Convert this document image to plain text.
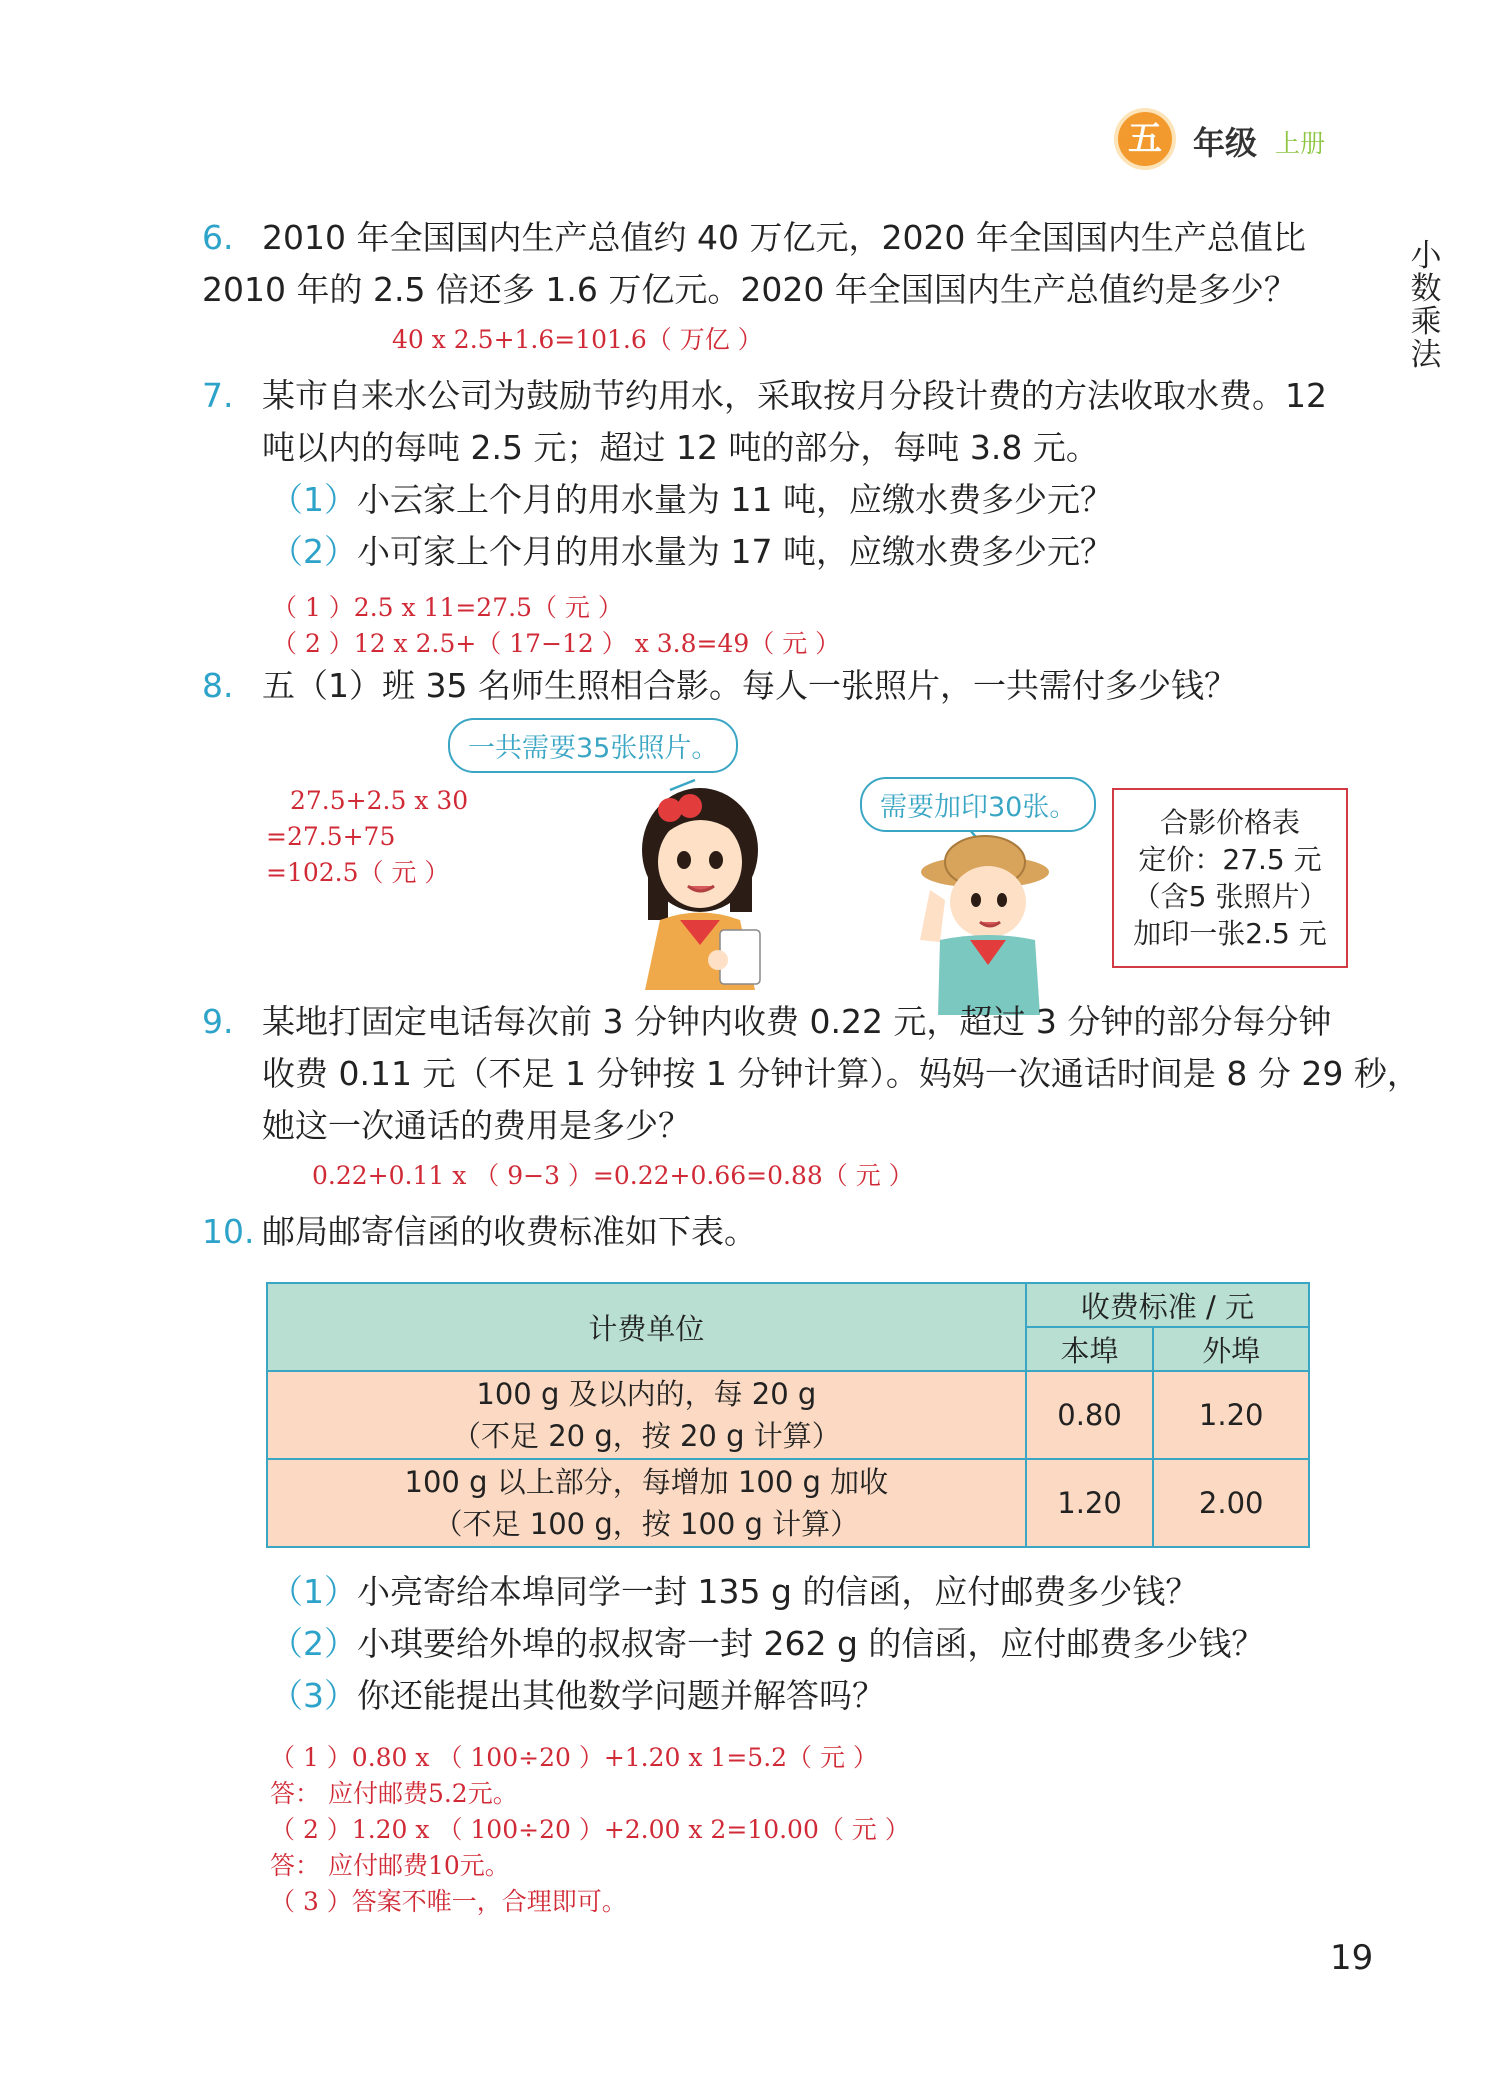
五 年级 上册
小
数
乘
法
6. 2010 年全国国内生产总值约 40 万亿元，2020 年全国国内生产总值比
2010 年的 2.5 倍还多 1.6 万亿元。2020 年全国国内生产总值约是多少？
40 x 2.5+1.6=101.6（ 万亿 ）
7. 某市自来水公司为鼓励节约用水，采取按月分段计费的方法收取水费。12
吨以内的每吨 2.5 元；超过 12 吨的部分，每吨 3.8 元。
（1）小云家上个月的用水量为 11 吨，应缴水费多少元？
（2）小可家上个月的用水量为 17 吨，应缴水费多少元？
（ 1 ）2.5 x 11=27.5（ 元 ）
（ 2 ）12 x 2.5+（ 17−12 ） x 3.8=49（ 元 ）
8. 五（1）班 35 名师生照相合影。每人一张照片，一共需付多少钱？
一共需要35张照片。
需要加印30张。	合影价格表
定价：27.5 元
（含5 张照片）
加印一张2.5 元
27.5+2.5 x 30
=27.5+75
=102.5（ 元 ）
9. 某地打固定电话每次前 3 分钟内收费 0.22 元，超过 3 分钟的部分每分钟
收费 0.11 元（不足 1 分钟按 1 分钟计算）。妈妈一次通话时间是 8 分 29 秒，
她这一次通话的费用是多少？
0.22+0.11 x （ 9−3 ）=0.22+0.66=0.88（ 元 ）
10. 邮局邮寄信函的收费标准如下表。
计费单位	收费标准 / 元	
	本埠	外埠

100 g 及以内的，每 20 g
（不足 20 g，按 20 g 计算）	0.80	1.20

100 g 以上部分，每增加 100 g 加收
（不足 100 g，按 100 g 计算）	1.20	2.00
（1）小亮寄给本埠同学一封 135 g 的信函，应付邮费多少钱？
（2）小琪要给外埠的叔叔寄一封 262 g 的信函，应付邮费多少钱？
（3）你还能提出其他数学问题并解答吗？
（ 1 ）0.80 x （ 100÷20 ）+1.20 x 1=5.2（ 元 ）
答： 应付邮费5.2元。
（ 2 ）1.20 x （ 100÷20 ）+2.00 x 2=10.00（ 元 ）
答： 应付邮费10元。
（ 3 ）答案不唯一，合理即可。
19
